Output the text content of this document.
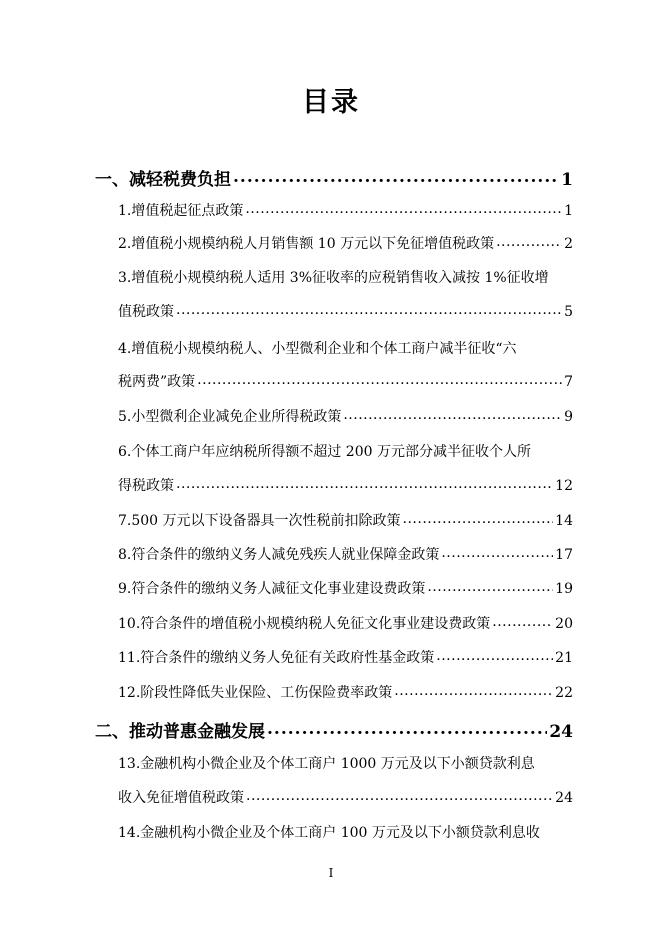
目录
一、减轻税费负担 .....	1
1.增值税起征点政策 .....	1
2.增值税小规模纳税人月销售额 10 万元以下免征增值税政策 .....	2
3.增值税小规模纳税人适用 3%征收率的应税销售收入减按 1%征收增
值税政策 .....	5
4.增值税小规模纳税人、小型微利企业和个体工商户减半征收“六
税两费”政策 .....	7
5.小型微利企业减免企业所得税政策 .....	9
6.个体工商户年应纳税所得额不超过 200 万元部分减半征收个人所
得税政策 .....	12
7.500 万元以下设备器具一次性税前扣除政策 .....	14
8.符合条件的缴纳义务人减免残疾人就业保障金政策 .....	17
9.符合条件的缴纳义务人减征文化事业建设费政策 .....	19
10.符合条件的增值税小规模纳税人免征文化事业建设费政策 .....	20
11.符合条件的缴纳义务人免征有关政府性基金政策 .....	21
12.阶段性降低失业保险、工伤保险费率政策 .....	22
二、推动普惠金融发展 .....	24
13.金融机构小微企业及个体工商户 1000 万元及以下小额贷款利息
收入免征增值税政策 .....	24
14.金融机构小微企业及个体工商户 100 万元及以下小额贷款利息收
I
